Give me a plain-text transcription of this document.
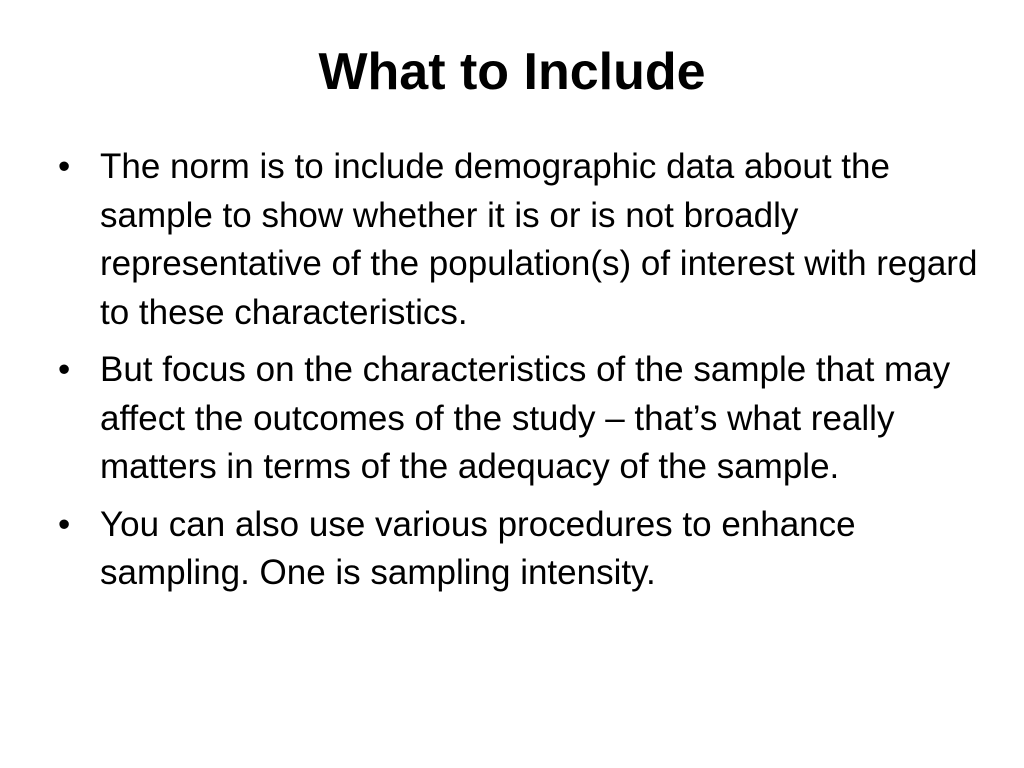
What to Include
• The norm is to include demographic data about the sample to show whether it is or is not broadly representative of the population(s) of interest with regard to these characteristics.
• But focus on the characteristics of the sample that may affect the outcomes of the study – that’s what really matters in terms of the adequacy of the sample.
• You can also use various procedures to enhance sampling. One is sampling intensity.
